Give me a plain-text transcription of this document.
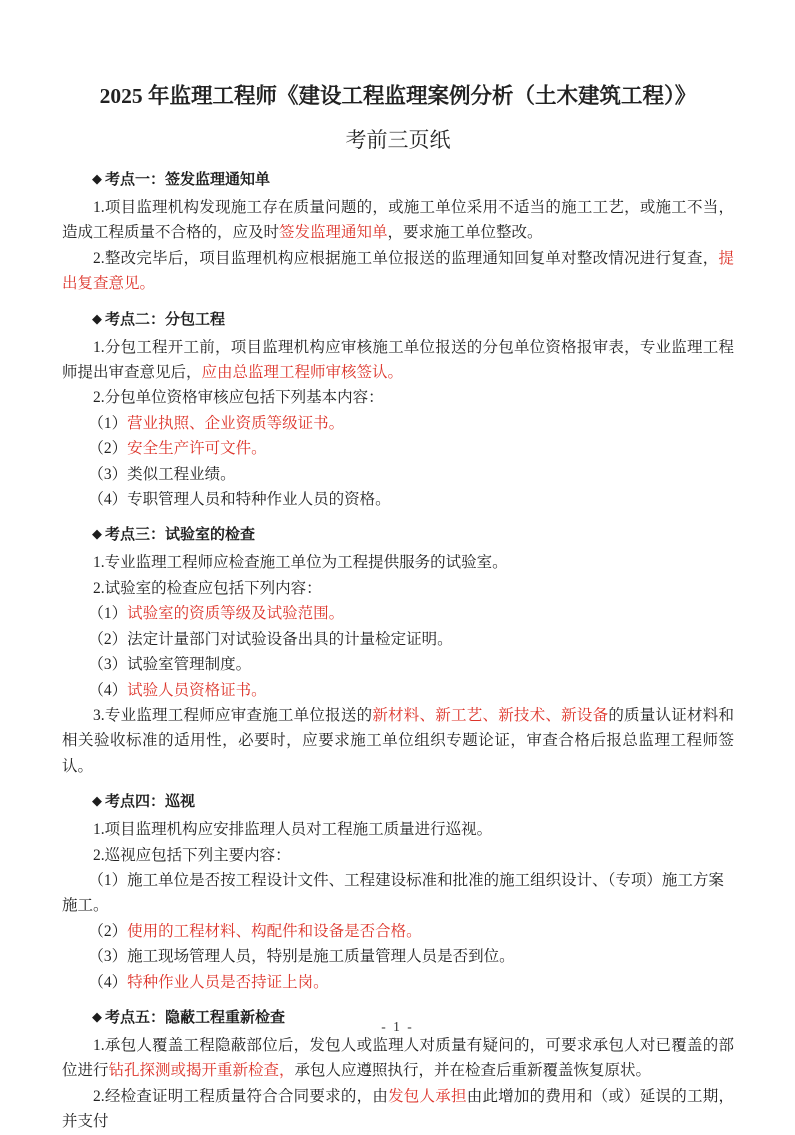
2025 年监理工程师《建设工程监理案例分析（土木建筑工程）》
考前三页纸
◆ 考点一：签发监理通知单

1.项目监理机构发现施工存在质量问题的，或施工单位采用不适当的施工工艺，或施工不当，造成工程质量不合格的，应及时签发监理通知单，要求施工单位整改。

2.整改完毕后，项目监理机构应根据施工单位报送的监理通知回复单对整改情况进行复查，提出复查意见。

◆ 考点二：分包工程

1.分包工程开工前，项目监理机构应审核施工单位报送的分包单位资格报审表，专业监理工程师提出审查意见后，应由总监理工程师审核签认。

2.分包单位资格审核应包括下列基本内容：

（1）营业执照、企业资质等级证书。

（2）安全生产许可文件。

（3）类似工程业绩。

（4）专职管理人员和特种作业人员的资格。

◆ 考点三：试验室的检查

1.专业监理工程师应检查施工单位为工程提供服务的试验室。

2.试验室的检查应包括下列内容：

（1）试验室的资质等级及试验范围。

（2）法定计量部门对试验设备出具的计量检定证明。

（3）试验室管理制度。

（4）试验人员资格证书。

3.专业监理工程师应审查施工单位报送的新材料、新工艺、新技术、新设备的质量认证材料和相关验收标准的适用性，必要时，应要求施工单位组织专题论证，审查合格后报总监理工程师签认。

◆ 考点四：巡视

1.项目监理机构应安排监理人员对工程施工质量进行巡视。

2.巡视应包括下列主要内容：

（1）施工单位是否按工程设计文件、工程建设标准和批准的施工组织设计、（专项）施工方案施工。

（2）使用的工程材料、构配件和设备是否合格。

（3）施工现场管理人员，特别是施工质量管理人员是否到位。

（4）特种作业人员是否持证上岗。

◆ 考点五：隐蔽工程重新检查

1.承包人覆盖工程隐蔽部位后，发包人或监理人对质量有疑问的，可要求承包人对已覆盖的部位进行钻孔探测或揭开重新检查，承包人应遵照执行，并在检查后重新覆盖恢复原状。

2.经检查证明工程质量符合合同要求的，由发包人承担由此增加的费用和（或）延误的工期，并支付

- 1 -
